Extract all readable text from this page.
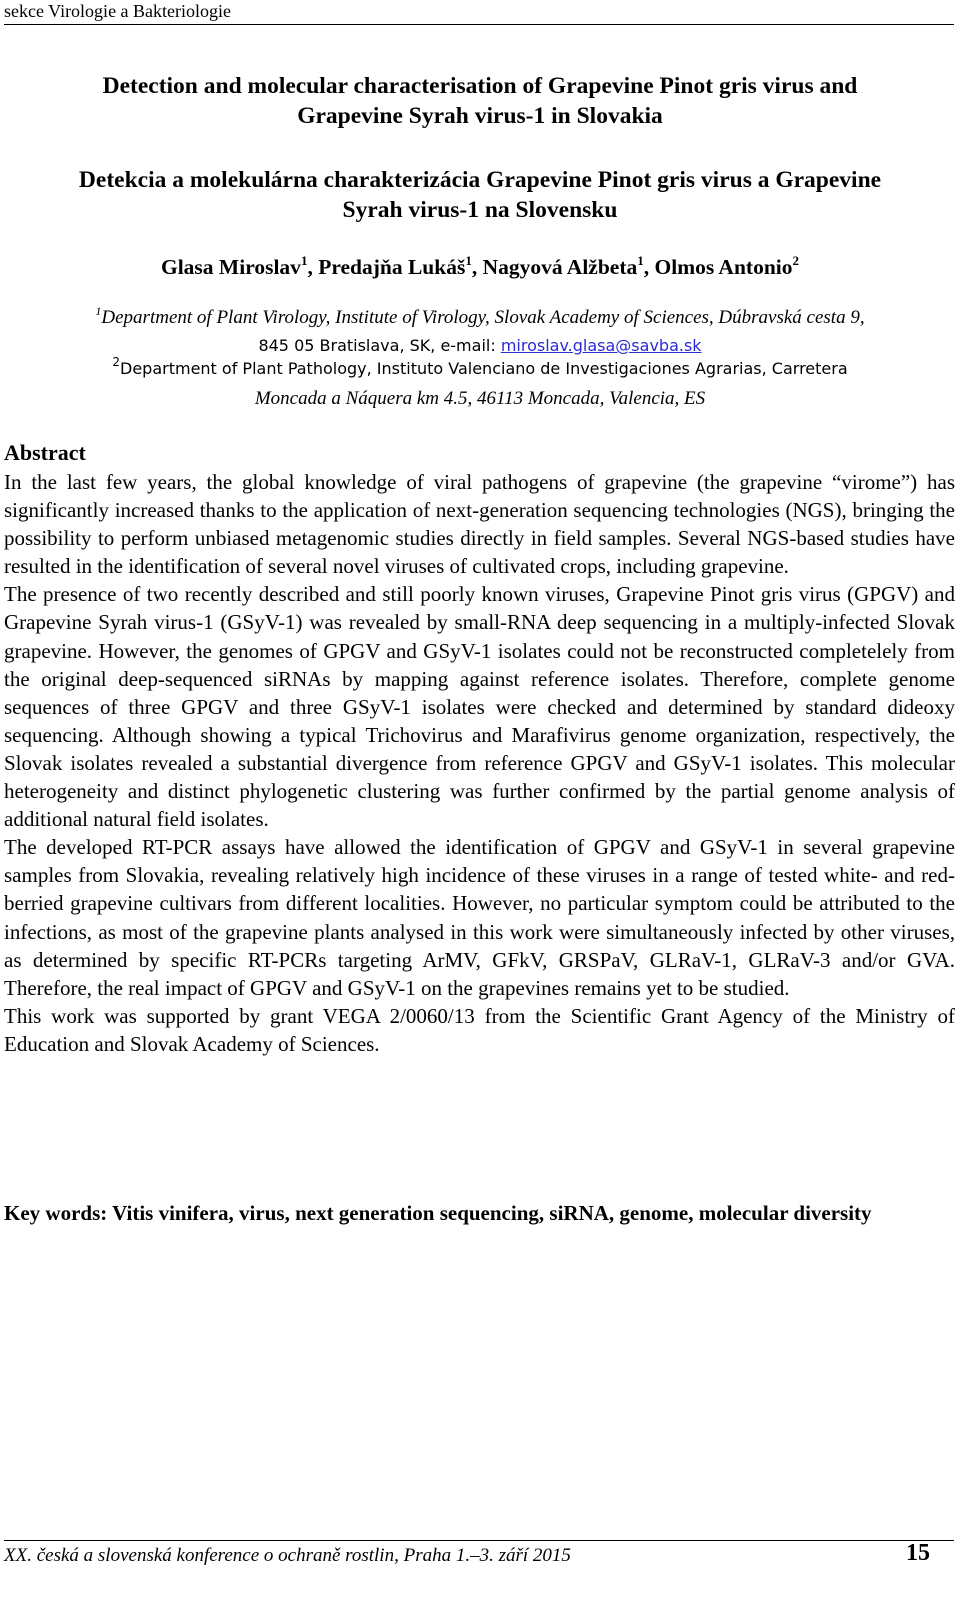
sekce Virologie a Bakteriologie
Detection and molecular characterisation of Grapevine Pinot gris virus and
Grapevine Syrah virus-1 in Slovakia
Detekcia a molekulárna charakterizácia Grapevine Pinot gris virus a Grapevine
Syrah virus-1 na Slovensku
Glasa Miroslav$^1$, Predajňa Lukáš$^1$, Nagyová Alžbeta$^1$, Olmos Antonio$^2$
$^1$Department of Plant Virology, Institute of Virology, Slovak Academy of Sciences, Dúbravská cesta 9,
845 05 Bratislava, SK, e-mail: miroslav.glasa@savba.sk
$^2$Department of Plant Pathology, Instituto Valenciano de Investigaciones Agrarias, Carretera
Moncada a Náquera km 4.5, 46113 Moncada, Valencia, ES
Abstract

In the last few years, the global knowledge of viral pathogens of grapevine (the grapevine “virome”) has significantly increased thanks to the application of next-generation sequencing technologies (NGS), bringing the possibility to perform unbiased metagenomic studies directly in field samples. Several NGS-based studies have resulted in the identification of several novel viruses of cultivated crops, including grapevine.

The presence of two recently described and still poorly known viruses, Grapevine Pinot gris virus (GPGV) and Grapevine Syrah virus-1 (GSyV-1) was revealed by small-RNA deep sequencing in a multiply-infected Slovak grapevine. However, the genomes of GPGV and GSyV-1 isolates could not be reconstructed completelely from the original deep-sequenced siRNAs by mapping against reference isolates. Therefore, complete genome sequences of three GPGV and three GSyV-1 isolates were checked and determined by standard dideoxy sequencing. Although showing a typical Trichovirus and Marafivirus genome organization, respectively, the Slovak isolates revealed a substantial divergence from reference GPGV and GSyV-1 isolates. This molecular heterogeneity and distinct phylogenetic clustering was further confirmed by the partial genome analysis of additional natural field isolates.

The developed RT-PCR assays have allowed the identification of GPGV and GSyV-1 in several grapevine samples from Slovakia, revealing relatively high incidence of these viruses in a range of tested white- and red-berried grapevine cultivars from different localities. However, no particular symptom could be attributed to the infections, as most of the grapevine plants analysed in this work were simultaneously infected by other viruses, as determined by specific RT-PCRs targeting ArMV, GFkV, GRSPaV, GLRaV-1, GLRaV-3 and/or GVA. Therefore, the real impact of GPGV and GSyV-1 on the grapevines remains yet to be studied.

This work was supported by grant VEGA 2/0060/13 from the Scientific Grant Agency of the Ministry of Education and Slovak Academy of Sciences.

Key words: Vitis vinifera, virus, next generation sequencing, siRNA, genome, molecular diversity
XX. česká a slovenská konference o ochraně rostlin, Praha 1.–3. září 2015	15
